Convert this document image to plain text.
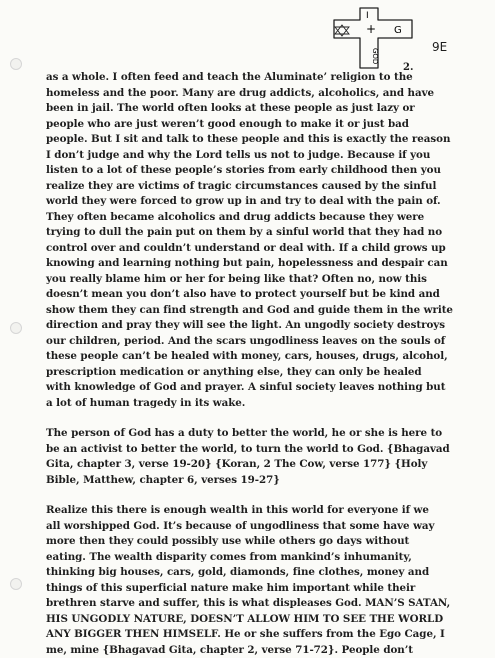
I
+ G
GOD
9E
2.
as a whole. I often feed and teach the Aluminate’ religion to the
homeless and the poor. Many are drug addicts, alcoholics, and have
been in jail. The world often looks at these people as just lazy or
people who are just weren’t good enough to make it or just bad
people. But I sit and talk to these people and this is exactly the reason
I don’t judge and why the Lord tells us not to judge. Because if you
listen to a lot of these people’s stories from early childhood then you
realize they are victims of tragic circumstances caused by the sinful
world they were forced to grow up in and try to deal with the pain of.
They often became alcoholics and drug addicts because they were
trying to dull the pain put on them by a sinful world that they had no
control over and couldn’t understand or deal with. If a child grows up
knowing and learning nothing but pain, hopelessness and despair can
you really blame him or her for being like that? Often no, now this
doesn’t mean you don’t also have to protect yourself but be kind and
show them they can find strength and God and guide them in the write
direction and pray they will see the light. An ungodly society destroys
our children, period. And the scars ungodliness leaves on the souls of
these people can’t be healed with money, cars, houses, drugs, alcohol,
prescription medication or anything else, they can only be healed
with knowledge of God and prayer. A sinful society leaves nothing but
a lot of human tragedy in its wake.
The person of God has a duty to better the world, he or she is here to
be an activist to better the world, to turn the world to God. {Bhagavad
Gita, chapter 3, verse 19-20} {Koran, 2 The Cow, verse 177} {Holy
Bible, Matthew, chapter 6, verses 19-27}
Realize this there is enough wealth in this world for everyone if we
all worshipped God. It’s because of ungodliness that some have way
more then they could possibly use while others go days without
eating. The wealth disparity comes from mankind’s inhumanity,
thinking big houses, cars, gold, diamonds, fine clothes, money and
things of this superficial nature make him important while their
brethren starve and suffer, this is what displeases God. MAN’S SATAN,
HIS UNGODLY NATURE, DOESN’T ALLOW HIM TO SEE THE WORLD
ANY BIGGER THEN HIMSELF. He or she suffers from the Ego Cage, I
me, mine {Bhagavad Gita, chapter 2, verse 71-72}. People don’t
